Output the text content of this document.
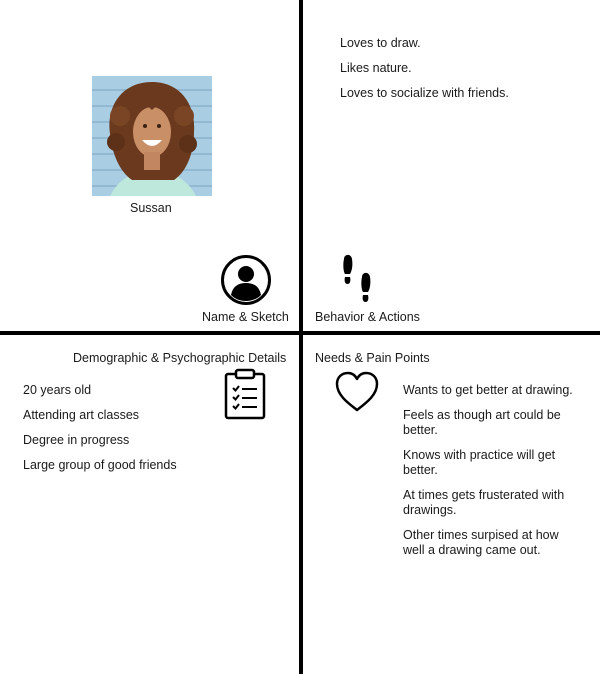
Sussan
Name & Sketch
Loves to draw.
Likes nature.
Loves to socialize with friends.
Behavior & Actions
Demographic & Psychographic Details
20 years old
Attending art classes
Degree in progress
Large group of good friends
Needs & Pain Points
Wants to get better at drawing.
Feels as though art could be better.
Knows with practice will get better.
At times gets frusterated with drawings.
Other times surpised at how well a drawing came out.
